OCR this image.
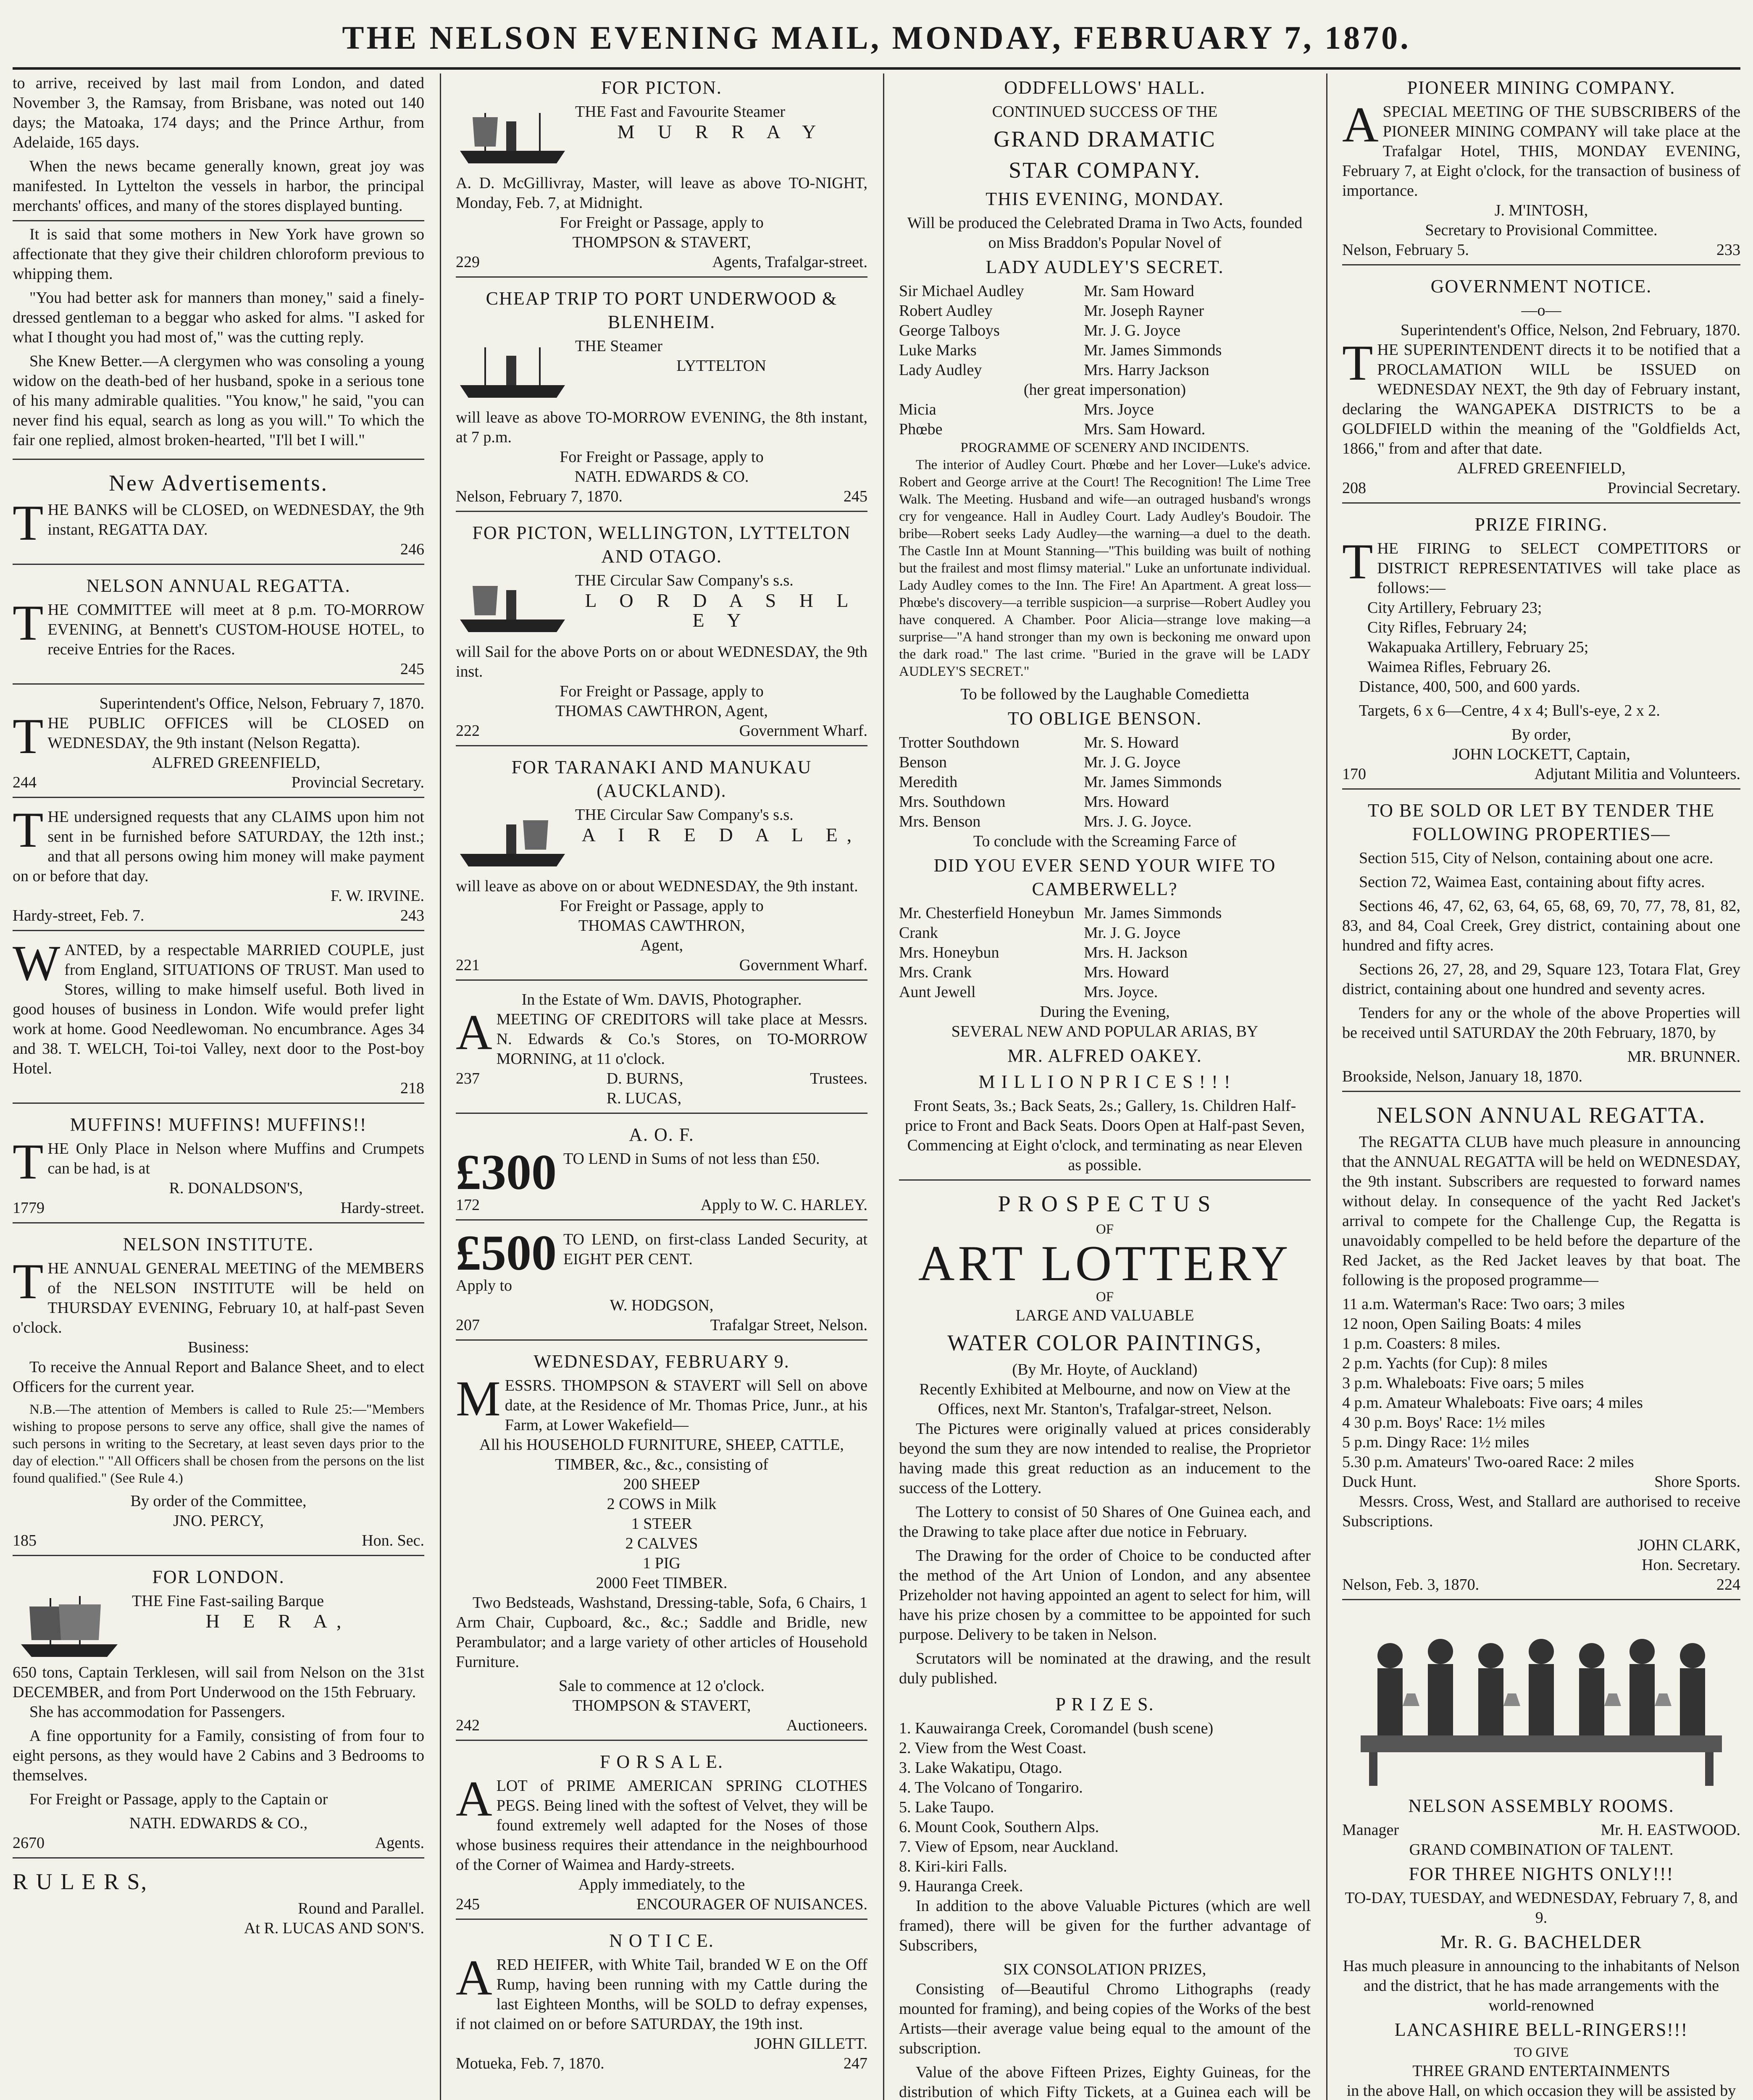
THE NELSON EVENING MAIL, MONDAY, FEBRUARY 7, 1870.

to arrive, received by last mail from London, and dated November 3, the Ramsay, from Brisbane, was noted out 140 days; the Matoaka, 174 days; and the Prince Arthur, from Adelaide, 165 days.

When the news became generally known, great joy was manifested. In Lyttelton the vessels in harbor, the principal merchants' offices, and many of the stores displayed bunting.

It is said that some mothers in New York have grown so affectionate that they give their children chloroform previous to whipping them.

"You had better ask for manners than money," said a finely-dressed gentleman to a beggar who asked for alms. "I asked for what I thought you had most of," was the cutting reply.

She Knew Better.—A clergymen who was consoling a young widow on the death-bed of her husband, spoke in a serious tone of his many admirable qualities. "You know," he said, "you can never find his equal, search as long as you will." To which the fair one replied, almost broken-hearted, "I'll bet I will."

New Advertisements.
THE BANKS will be CLOSED, on WEDNESDAY, the 9th instant, REGATTA DAY.
246
NELSON ANNUAL REGATTA.
THE COMMITTEE will meet at 8 p.m. TO-MORROW EVENING, at Bennett's CUSTOM-HOUSE HOTEL, to receive Entries for the Races.
245
Superintendent's Office, Nelson, February 7, 1870.
THE PUBLIC OFFICES will be CLOSED on WEDNESDAY, the 9th instant (Nelson Regatta).
ALFRED GREENFIELD,
244	Provincial Secretary.
THE undersigned requests that any CLAIMS upon him not sent in be furnished before SATURDAY, the 12th inst.; and that all persons owing him money will make payment on or before that day.
F. W. IRVINE.
Hardy-street, Feb. 7.	243
WANTED, by a respectable MARRIED COUPLE, just from England, SITUATIONS OF TRUST. Man used to Stores, willing to make himself useful. Both lived in good houses of business in London. Wife would prefer light work at home. Good Needlewoman. No encumbrance. Ages 34 and 38. T. WELCH, Toi-toi Valley, next door to the Post-boy Hotel.
218
MUFFINS! MUFFINS! MUFFINS!!
THE Only Place in Nelson where Muffins and Crumpets can be had, is at
R. DONALDSON'S,
1779	Hardy-street.
NELSON INSTITUTE.
THE ANNUAL GENERAL MEETING of the MEMBERS of the NELSON INSTITUTE will be held on THURSDAY EVENING, February 10, at half-past Seven o'clock.
Business:

To receive the Annual Report and Balance Sheet, and to elect Officers for the current year.

N.B.—The attention of Members is called to Rule 25:—"Members wishing to propose persons to serve any office, shall give the names of such persons in writing to the Secretary, at least seven days prior to the day of election." "All Officers shall be chosen from the persons on the list found qualified." (See Rule 4.)

By order of the Committee,
JNO. PERCY,
185	Hon. Sec.
FOR LONDON.
THE Fine Fast-sailing Barque
H E R A,
650 tons, Captain Terklesen, will sail from Nelson on the 31st DECEMBER, and from Port Underwood on the 15th February.

She has accommodation for Passengers.

A fine opportunity for a Family, consisting of from four to eight persons, as they would have 2 Cabins and 3 Bedrooms to themselves.

For Freight or Passage, apply to the Captain or

NATH. EDWARDS & CO.,
2670	Agents.
R U L E R S,
Round and Parallel.
At R. LUCAS AND SON'S.
FOR PICTON.
THE Fast and Favourite Steamer
M U R R A Y
A. D. McGillivray, Master, will leave as above TO-NIGHT, Monday, Feb. 7, at Midnight.
For Freight or Passage, apply to
THOMPSON & STAVERT,
229	Agents, Trafalgar-street.
CHEAP TRIP TO PORT UNDERWOOD & BLENHEIM.
THE Steamer
LYTTELTON
will leave as above TO-MORROW EVENING, the 8th instant, at 7 p.m.
For Freight or Passage, apply to
NATH. EDWARDS & CO.
Nelson, February 7, 1870.	245
FOR PICTON, WELLINGTON, LYTTELTON AND OTAGO.
THE Circular Saw Company's s.s.
L O R D A S H L E Y
will Sail for the above Ports on or about WEDNESDAY, the 9th inst.
For Freight or Passage, apply to
THOMAS CAWTHRON, Agent,
222	Government Wharf.
FOR TARANAKI AND MANUKAU (AUCKLAND).
THE Circular Saw Company's s.s.
A I R E D A L E,
will leave as above on or about WEDNESDAY, the 9th instant.
For Freight or Passage, apply to
THOMAS CAWTHRON,
Agent,
221	Government Wharf.
In the Estate of Wm. DAVIS, Photographer.
AMEETING OF CREDITORS will take place at Messrs. N. Edwards & Co.'s Stores, on TO-MORROW MORNING, at 11 o'clock.
237	D. BURNS,
R. LUCAS,
Trustees.
A. O. F.
£300 TO LEND in Sums of not less than £50.
172	Apply to W. C. HARLEY.
£500 TO LEND, on first-class Landed Security, at EIGHT PER CENT.
Apply to
W. HODGSON,
207	Trafalgar Street, Nelson.
WEDNESDAY, FEBRUARY 9.
MESSRS. THOMPSON & STAVERT will Sell on above date, at the Residence of Mr. Thomas Price, Junr., at his Farm, at Lower Wakefield—
All his HOUSEHOLD FURNITURE, SHEEP, CATTLE, TIMBER, &c., &c., consisting of
200 SHEEP
2 COWS in Milk
1 STEER
2 CALVES
1 PIG
2000 Feet TIMBER.

Two Bedsteads, Washstand, Dressing-table, Sofa, 6 Chairs, 1 Arm Chair, Cupboard, &c., &c.; Saddle and Bridle, new Perambulator; and a large variety of other articles of Household Furniture.

Sale to commence at 12 o'clock.
THOMPSON & STAVERT,
242	Auctioneers.
F O R S A L E.
ALOT of PRIME AMERICAN SPRING CLOTHES PEGS. Being lined with the softest of Velvet, they will be found extremely well adapted for the Noses of those whose business requires their attendance in the neighbourhood of the Corner of Waimea and Hardy-streets.
Apply immediately, to the
245	ENCOURAGER OF NUISANCES.
N O T I C E.
ARED HEIFER, with White Tail, branded W E on the Off Rump, having been running with my Cattle during the last Eighteen Months, will be SOLD to defray expenses, if not claimed on or before SATURDAY, the 19th inst.
JOHN GILLETT.
Motueka, Feb. 7, 1870.	247
ODDFELLOWS' HALL.
CONTINUED SUCCESS OF THE
GRAND DRAMATIC
STAR COMPANY.
THIS EVENING, MONDAY.
Will be produced the Celebrated Drama in Two Acts, founded on Miss Braddon's Popular Novel of
LADY AUDLEY'S SECRET.
Sir Michael Audley	Mr. Sam Howard
Robert Audley	Mr. Joseph Rayner
George Talboys	Mr. J. G. Joyce
Luke Marks	Mr. James Simmonds
Lady Audley	Mrs. Harry Jackson
(her great impersonation)
Micia	Mrs. Joyce
Phœbe	Mrs. Sam Howard.
PROGRAMME OF SCENERY AND INCIDENTS.

The interior of Audley Court. Phœbe and her Lover—Luke's advice. Robert and George arrive at the Court! The Recognition! The Lime Tree Walk. The Meeting. Husband and wife—an outraged husband's wrongs cry for vengeance. Hall in Audley Court. Lady Audley's Boudoir. The bribe—Robert seeks Lady Audley—the warning—a duel to the death. The Castle Inn at Mount Stanning—"This building was built of nothing but the frailest and most flimsy material." Luke an unfortunate individual. Lady Audley comes to the Inn. The Fire! An Apartment. A great loss—Phœbe's discovery—a terrible suspicion—a surprise—Robert Audley you have conquered. A Chamber. Poor Alicia—strange love making—a surprise—"A hand stronger than my own is beckoning me onward upon the dark road." The last crime. "Buried in the grave will be LADY AUDLEY'S SECRET."

To be followed by the Laughable Comedietta
TO OBLIGE BENSON.
Trotter Southdown	Mr. S. Howard
Benson	Mr. J. G. Joyce
Meredith	Mr. James Simmonds
Mrs. Southdown	Mrs. Howard
Mrs. Benson	Mrs. J. G. Joyce.
To conclude with the Screaming Farce of
DID YOU EVER SEND YOUR WIFE TO CAMBERWELL?
Mr. Chesterfield Honeybun Mr. James Simmonds
Crank	Mr. J. G. Joyce
Mrs. Honeybun	Mrs. H. Jackson
Mrs. Crank	Mrs. Howard
Aunt Jewell	Mrs. Joyce.
During the Evening,
SEVERAL NEW AND POPULAR ARIAS, BY
MR. ALFRED OAKEY.
M I L L I O N P R I C E S ! ! !
Front Seats, 3s.; Back Seats, 2s.; Gallery, 1s. Children Half-price to Front and Back Seats. Doors Open at Half-past Seven, Commencing at Eight o'clock, and terminating as near Eleven as possible.
P R O S P E C T U S
OF
ART LOTTERY
OF
LARGE AND VALUABLE
WATER COLOR PAINTINGS,
(By Mr. Hoyte, of Auckland)
Recently Exhibited at Melbourne, and now on View at the Offices, next Mr. Stanton's, Trafalgar-street, Nelson.

The Pictures were originally valued at prices considerably beyond the sum they are now intended to realise, the Proprietor having made this great reduction as an inducement to the success of the Lottery.

The Lottery to consist of 50 Shares of One Guinea each, and the Drawing to take place after due notice in February.

The Drawing for the order of Choice to be conducted after the method of the Art Union of London, and any absentee Prizeholder not having appointed an agent to select for him, will have his prize chosen by a committee to be appointed for such purpose. Delivery to be taken in Nelson.

Scrutators will be nominated at the drawing, and the result duly published.

P R I Z E S.
1. Kauwairanga Creek, Coromandel (bush scene)
2. View from the West Coast.
3. Lake Wakatipu, Otago.
4. The Volcano of Tongariro.
5. Lake Taupo.
6. Mount Cook, Southern Alps.
7. View of Epsom, near Auckland.
8. Kiri-kiri Falls.
9. Hauranga Creek.

In addition to the above Valuable Pictures (which are well framed), there will be given for the further advantage of Subscribers,

SIX CONSOLATION PRIZES,

Consisting of—Beautiful Chromo Lithographs (ready mounted for framing), and being copies of the Works of the best Artists—their average value being equal to the amount of the subscription.

Value of the above Fifteen Prizes, Eighty Guineas, for the distribution of which Fifty Tickets, at a Guinea each will be

PIONEER MINING COMPANY.
ASPECIAL MEETING OF THE SUBSCRIBERS of the PIONEER MINING COMPANY will take place at the Trafalgar Hotel, THIS, MONDAY EVENING, February 7, at Eight o'clock, for the transaction of business of importance.
J. M'INTOSH,
Secretary to Provisional Committee.
Nelson, February 5.	233
GOVERNMENT NOTICE.
—o—
Superintendent's Office, Nelson, 2nd February, 1870.
THE SUPERINTENDENT directs it to be notified that a PROCLAMATION WILL be ISSUED on WEDNESDAY NEXT, the 9th day of February instant, declaring the WANGAPEKA DISTRICTS to be a GOLDFIELD within the meaning of the "Goldfields Act, 1866," from and after that date.
ALFRED GREENFIELD,
208	Provincial Secretary.
PRIZE FIRING.
THE FIRING to SELECT COMPETITORS or DISTRICT REPRESENTATIVES will take place as follows:—
City Artillery, February 23;
City Rifles, February 24;
Wakapuaka Artillery, February 25;
Waimea Rifles, February 26.

Distance, 400, 500, and 600 yards.

Targets, 6 x 6—Centre, 4 x 4; Bull's-eye, 2 x 2.

By order,
JOHN LOCKETT, Captain,
170	Adjutant Militia and Volunteers.
TO BE SOLD OR LET BY TENDER THE FOLLOWING PROPERTIES—

Section 515, City of Nelson, containing about one acre.

Section 72, Waimea East, containing about fifty acres.

Sections 46, 47, 62, 63, 64, 65, 68, 69, 70, 77, 78, 81, 82, 83, and 84, Coal Creek, Grey district, containing about one hundred and fifty acres.

Sections 26, 27, 28, and 29, Square 123, Totara Flat, Grey district, containing about one hundred and seventy acres.

Tenders for any or the whole of the above Properties will be received until SATURDAY the 20th February, 1870, by

MR. BRUNNER.
Brookside, Nelson, January 18, 1870.
NELSON ANNUAL REGATTA.

The REGATTA CLUB have much pleasure in announcing that the ANNUAL REGATTA will be held on WEDNESDAY, the 9th instant. Subscribers are requested to forward names without delay. In consequence of the yacht Red Jacket's arrival to compete for the Challenge Cup, the Regatta is unavoidably compelled to be held before the departure of the Red Jacket, as the Red Jacket leaves by that boat. The following is the proposed programme—

11 a.m. Waterman's Race: Two oars; 3 miles
12 noon, Open Sailing Boats: 4 miles
1 p.m. Coasters: 8 miles.
2 p.m. Yachts (for Cup): 8 miles
3 p.m. Whaleboats: Five oars; 5 miles
4 p.m. Amateur Whaleboats: Five oars; 4 miles
4 30 p.m. Boys' Race: 1½ miles
5 p.m. Dingy Race: 1½ miles
5.30 p.m. Amateurs' Two-oared Race: 2 miles
Duck Hunt.	Shore Sports.

Messrs. Cross, West, and Stallard are authorised to receive Subscriptions.

JOHN CLARK,
Hon. Secretary.
Nelson, Feb. 3, 1870.	224
NELSON ASSEMBLY ROOMS.
Manager	Mr. H. EASTWOOD.
GRAND COMBINATION OF TALENT.
FOR THREE NIGHTS ONLY!!!
TO-DAY, TUESDAY, and WEDNESDAY, February 7, 8, and 9.
Mr. R. G. BACHELDER
Has much pleasure in announcing to the inhabitants of Nelson and the district, that he has made arrangements with the world-renowned
LANCASHIRE BELL-RINGERS!!!
TO GIVE
THREE GRAND ENTERTAINMENTS
in the above Hall, on which occasion they will be assisted by
